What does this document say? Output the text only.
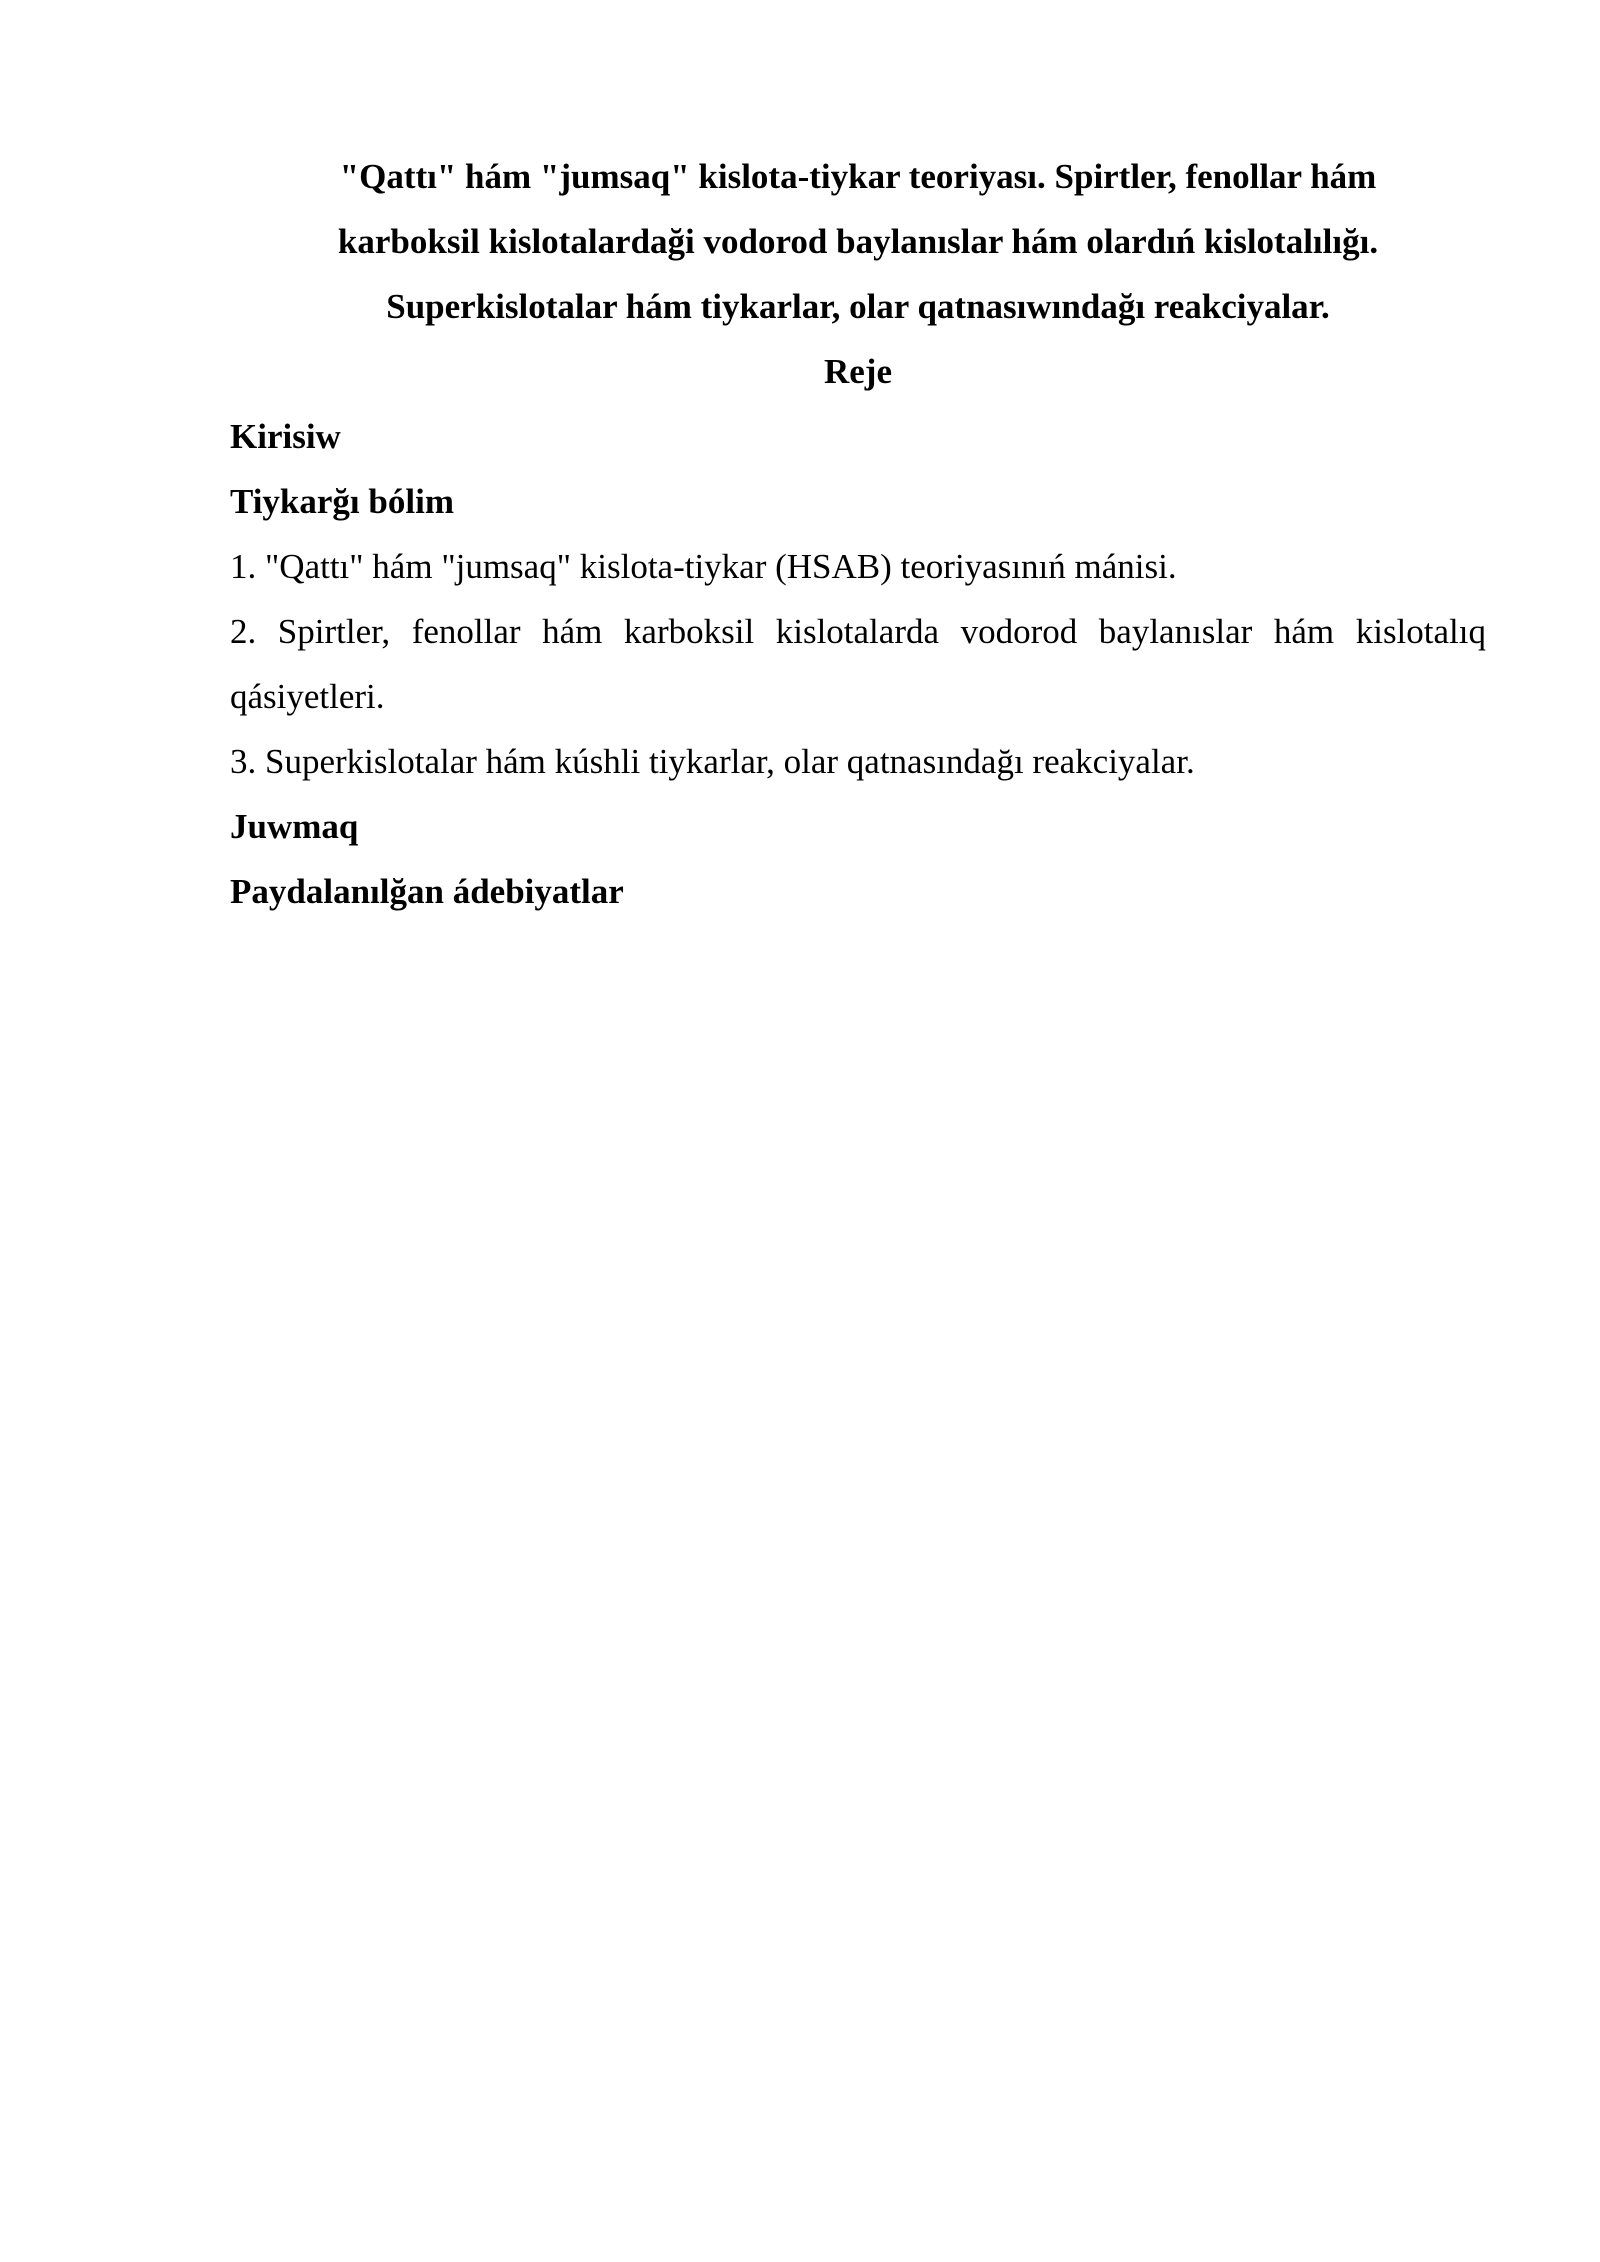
"Qattı" hám "jumsaq" kislota-tiykar teoriyası. Spirtler, fenollar hám
karboksil kislotalardaği vodorod baylanıslar hám olardıń kislotalılığı.
Superkislotalar hám tiykarlar, olar qatnasıwındağı reakciyalar.
Reje
Kirisiw
Tiykarğı bólim

1. "Qattı" hám "jumsaq" kislota-tiykar (HSAB) teoriyasınıń mánisi.

2. Spirtler, fenollar hám karboksil kislotalarda vodorod baylanıslar hám kislotalıq
qásiyetleri.

3. Superkislotalar hám kúshli tiykarlar, olar qatnasındağı reakciyalar.

Juwmaq
Paydalanılğan ádebiyatlar
